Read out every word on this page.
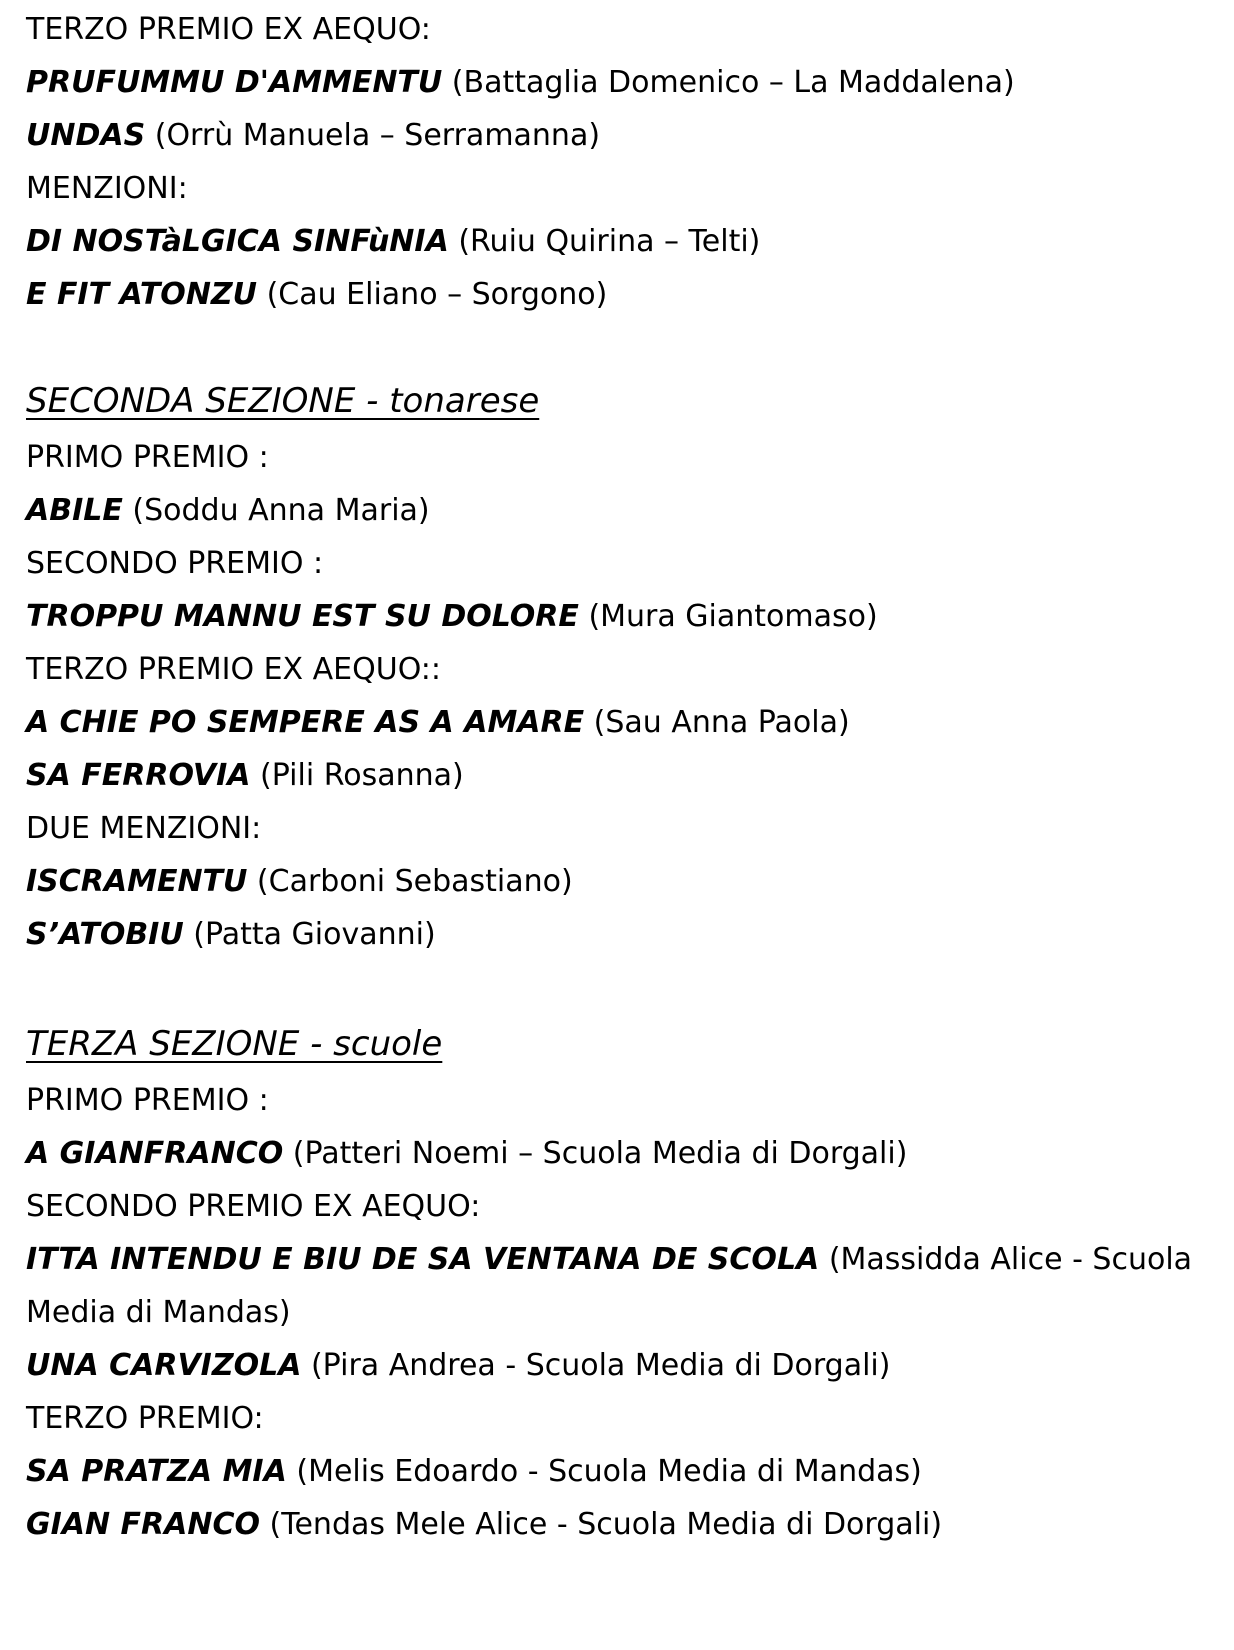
TERZO PREMIO EX AEQUO:
PRUFUMMU D'AMMENTU (Battaglia Domenico – La Maddalena)
UNDAS (Orrù Manuela – Serramanna)
MENZIONI:
DI NOSTàLGICA SINFùNIA (Ruiu Quirina – Telti)
E FIT ATONZU (Cau Eliano – Sorgono)
SECONDA SEZIONE - tonarese
PRIMO PREMIO :
ABILE (Soddu Anna Maria)
SECONDO PREMIO :
TROPPU MANNU EST SU DOLORE (Mura Giantomaso)
TERZO PREMIO EX AEQUO::
A CHIE PO SEMPERE AS A AMARE (Sau Anna Paola)
SA FERROVIA (Pili Rosanna)
DUE MENZIONI:
ISCRAMENTU (Carboni Sebastiano)
S’ATOBIU (Patta Giovanni)
TERZA SEZIONE - scuole
PRIMO PREMIO :
A GIANFRANCO (Patteri Noemi – Scuola Media di Dorgali)
SECONDO PREMIO EX AEQUO:
ITTA INTENDU E BIU DE SA VENTANA DE SCOLA (Massidda Alice - Scuola
Media di Mandas)
UNA CARVIZOLA (Pira Andrea - Scuola Media di Dorgali)
TERZO PREMIO:
SA PRATZA MIA (Melis Edoardo - Scuola Media di Mandas)
GIAN FRANCO (Tendas Mele Alice - Scuola Media di Dorgali)
